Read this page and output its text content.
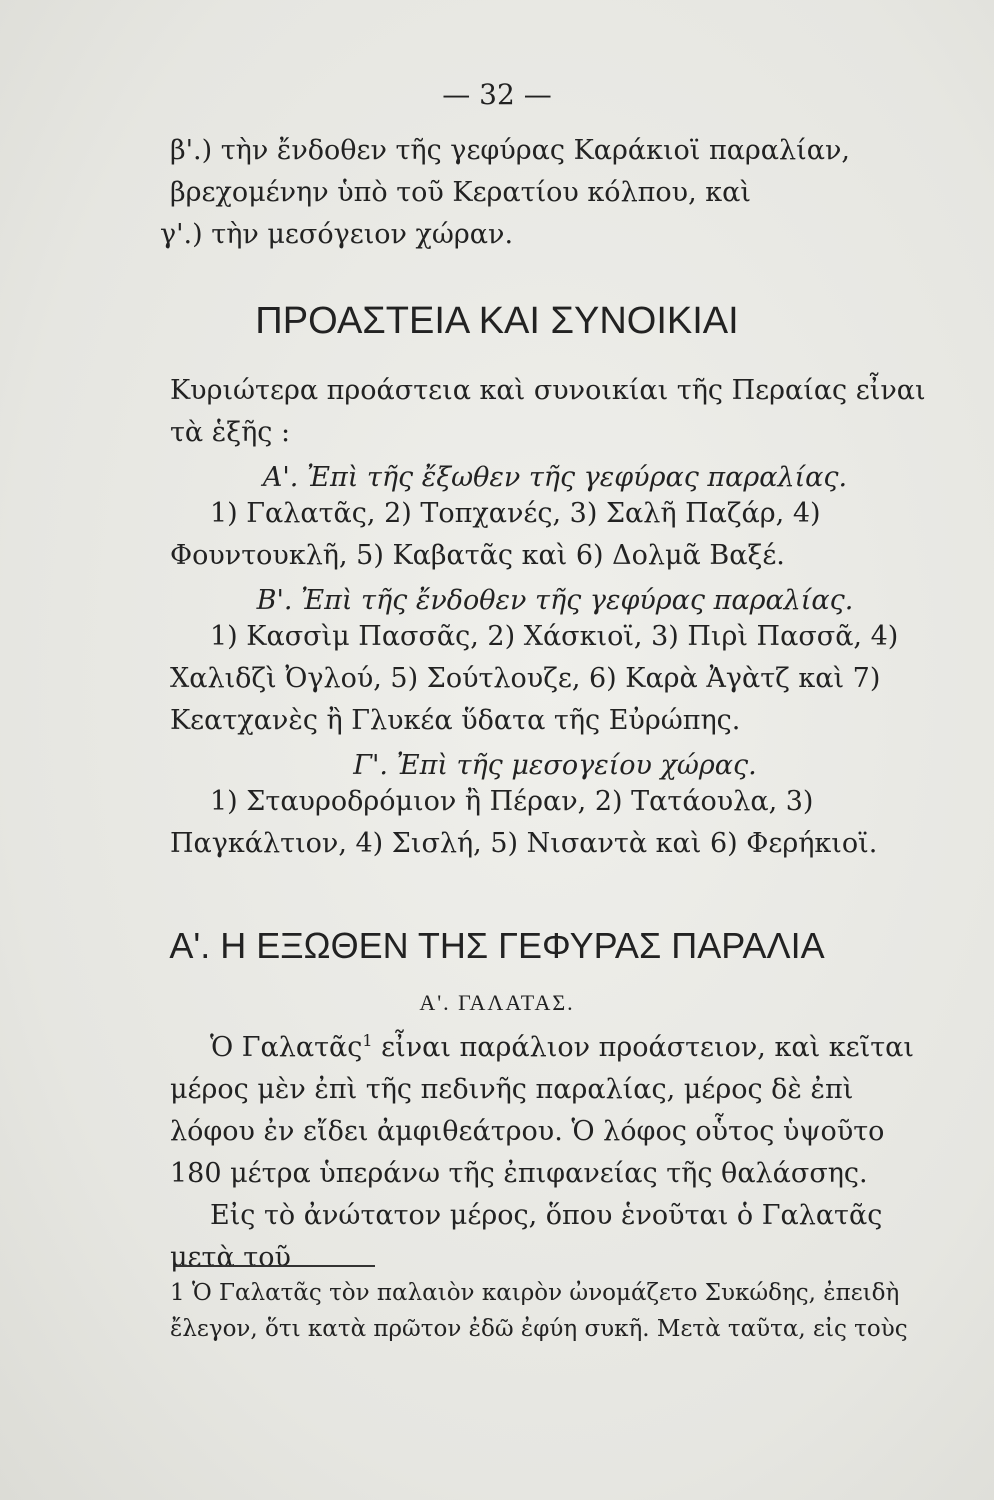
— 32 —

β'.) τὴν ἔνδοθεν τῆς γεφύρας Καράκιοϊ παραλίαν, βρεχομένην ὑπὸ τοῦ Κερατίου κόλπου, καὶ

γ'.) τὴν μεσόγειον χώραν.

ΠΡΟΑΣΤΕΙΑ ΚΑΙ ΣΥΝΟΙΚΙΑΙ

Κυριώτερα προάστεια καὶ συνοικίαι τῆς Περαίας εἶναι τὰ ἑξῆς :

Α'. Ἐπὶ τῆς ἔξωθεν τῆς γεφύρας παραλίας.

1) Γαλατᾶς, 2) Τοπχανές, 3) Σαλῆ Παζάρ, 4) Φουντουκλῆ, 5) Καβατᾶς καὶ 6) Δολμᾶ Βαξέ.

Β'. Ἐπὶ τῆς ἔνδοθεν τῆς γεφύρας παραλίας.

1) Κασσὶμ Πασσᾶς, 2) Χάσκιοϊ, 3) Πιρὶ Πασσᾶ, 4) Χαλιδζὶ Ὀγλού, 5) Σούτλουζε, 6) Καρὰ Ἀγὰτζ καὶ 7) Κεατχανὲς ἢ Γλυκέα ὕδατα τῆς Εὐρώπης.

Γ'. Ἐπὶ τῆς μεσογείου χώρας.

1) Σταυροδρόμιον ἢ Πέραν, 2) Τατάουλα, 3) Παγκάλτιον, 4) Σισλή, 5) Νισαντὰ καὶ 6) Φερήκιοϊ.

Α'. Η ΕΞΩΘΕΝ ΤΗΣ ΓΕΦΥΡΑΣ ΠΑΡΑΛΙΑ

Α'. ΓΑΛΑΤΑΣ.

Ὁ Γαλατᾶς$^1$ εἶναι παράλιον προάστειον, καὶ κεῖται μέρος μὲν ἐπὶ τῆς πεδινῆς παραλίας, μέρος δὲ ἐπὶ λόφου ἐν εἴδει ἀμφιθεάτρου. Ὁ λόφος οὗτος ὑψοῦτο 180 μέτρα ὑπεράνω τῆς ἐπιφανείας τῆς θαλάσσης.

Εἰς τὸ ἀνώτατον μέρος, ὅπου ἑνοῦται ὁ Γαλατᾶς μετὰ τοῦ

1 Ὁ Γαλατᾶς τὸν παλαιὸν καιρὸν ὠνομάζετο Συκώδης, ἐπειδὴ ἔλεγον, ὅτι κατὰ πρῶτον ἐδῶ ἐφύη συκῆ. Μετὰ ταῦτα, εἰς τοὺς
